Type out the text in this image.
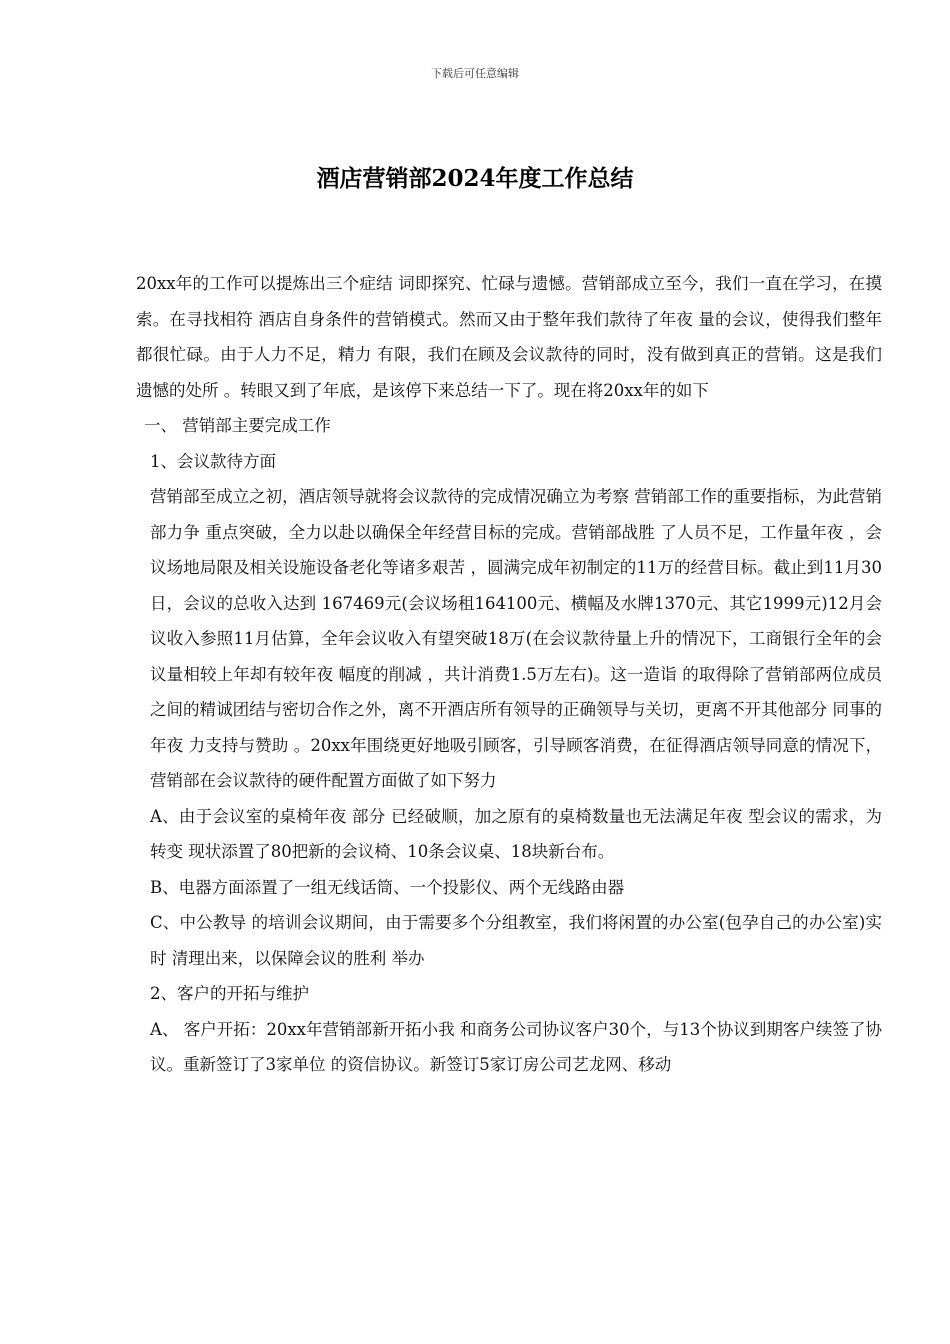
下载后可任意编辑
酒店营销部2024年度工作总结

20xx年的工作可以提炼出三个症结 词即探究、忙碌与遗憾。营销部成立至今，我们一直在学习，在摸索。在寻找相符 酒店自身条件的营销模式。然而又由于整年我们款待了年夜 量的会议，使得我们整年都很忙碌。由于人力不足，精力 有限，我们在顾及会议款待的同时，没有做到真正的营销。这是我们遗憾的处所 。转眼又到了年底，是该停下来总结一下了。现在将20xx年的如下

一、 营销部主要完成工作

1、会议款待方面

营销部至成立之初，酒店领导就将会议款待的完成情况确立为考察 营销部工作的重要指标，为此营销部力争 重点突破，全力以赴以确保全年经营目标的完成。营销部战胜 了人员不足，工作量年夜 ，会议场地局限及相关设施设备老化等诸多艰苦 ，圆满完成年初制定的11万的经营目标。截止到11月30日，会议的总收入达到 167469元(会议场租164100元、横幅及水牌1370元、其它1999元)12月会议收入参照11月估算，全年会议收入有望突破18万(在会议款待量上升的情况下，工商银行全年的会议量相较上年却有较年夜 幅度的削减 ，共计消费1.5万左右)。这一造诣 的取得除了营销部两位成员之间的精诚团结与密切合作之外，离不开酒店所有领导的正确领导与关切，更离不开其他部分 同事的年夜 力支持与赞助 。20xx年围绕更好地吸引顾客，引导顾客消费，在征得酒店领导同意的情况下，营销部在会议款待的硬件配置方面做了如下努力

A、由于会议室的桌椅年夜 部分 已经破顺，加之原有的桌椅数量也无法满足年夜 型会议的需求，为转变 现状添置了80把新的会议椅、10条会议桌、18块新台布。

B、电器方面添置了一组无线话筒、一个投影仪、两个无线路由器

C、中公教导 的培训会议期间，由于需要多个分组教室，我们将闲置的办公室(包孕自己的办公室)实时 清理出来，以保障会议的胜利 举办

2、客户的开拓与维护

A、 客户开拓：20xx年营销部新开拓小我 和商务公司协议客户30个，与13个协议到期客户续签了协议。重新签订了3家单位 的资信协议。新签订5家订房公司艺龙网、移动
